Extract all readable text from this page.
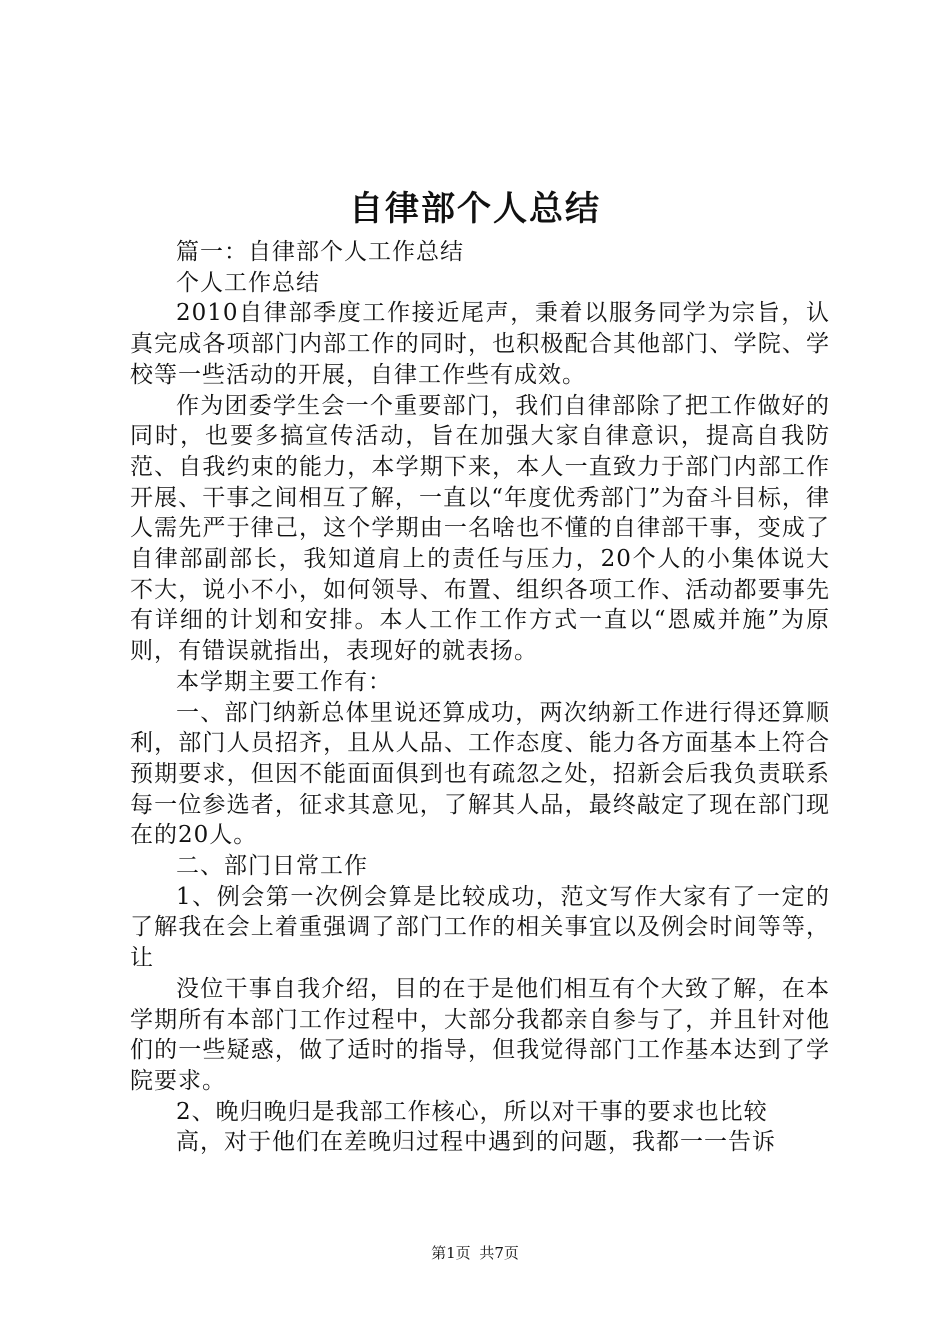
自律部个人总结

篇一：自律部个人工作总结

个人工作总结

2010自律部季度工作接近尾声，秉着以服务同学为宗旨，认真完成各项部门内部工作的同时，也积极配合其他部门、学院、学校等一些活动的开展，自律工作些有成效。

作为团委学生会一个重要部门，我们自律部除了把工作做好的同时，也要多搞宣传活动，旨在加强大家自律意识，提高自我防范、自我约束的能力，本学期下来，本人一直致力于部门内部工作开展、干事之间相互了解，一直以“年度优秀部门”为奋斗目标，律人需先严于律己，这个学期由一名啥也不懂的自律部干事，变成了自律部副部长，我知道肩上的责任与压力，20个人的小集体说大不大，说小不小，如何领导、布置、组织各项工作、活动都要事先有详细的计划和安排。本人工作工作方式一直以“恩威并施”为原则，有错误就指出，表现好的就表扬。

本学期主要工作有：

一、部门纳新总体里说还算成功，两次纳新工作进行得还算顺利，部门人员招齐，且从人品、工作态度、能力各方面基本上符合预期要求，但因不能面面俱到也有疏忽之处，招新会后我负责联系每一位参选者，征求其意见，了解其人品，最终敲定了现在部门现在的20人。

二、部门日常工作

1、例会第一次例会算是比较成功，范文写作大家有了一定的了解我在会上着重强调了部门工作的相关事宜以及例会时间等等，让

没位干事自我介绍，目的在于是他们相互有个大致了解，在本学期所有本部门工作过程中，大部分我都亲自参与了，并且针对他们的一些疑惑，做了适时的指导，但我觉得部门工作基本达到了学院要求。

2、晚归晚归是我部工作核心，所以对干事的要求也比较

高，对于他们在差晚归过程中遇到的问题，我都一一告诉

第1页 共7页
